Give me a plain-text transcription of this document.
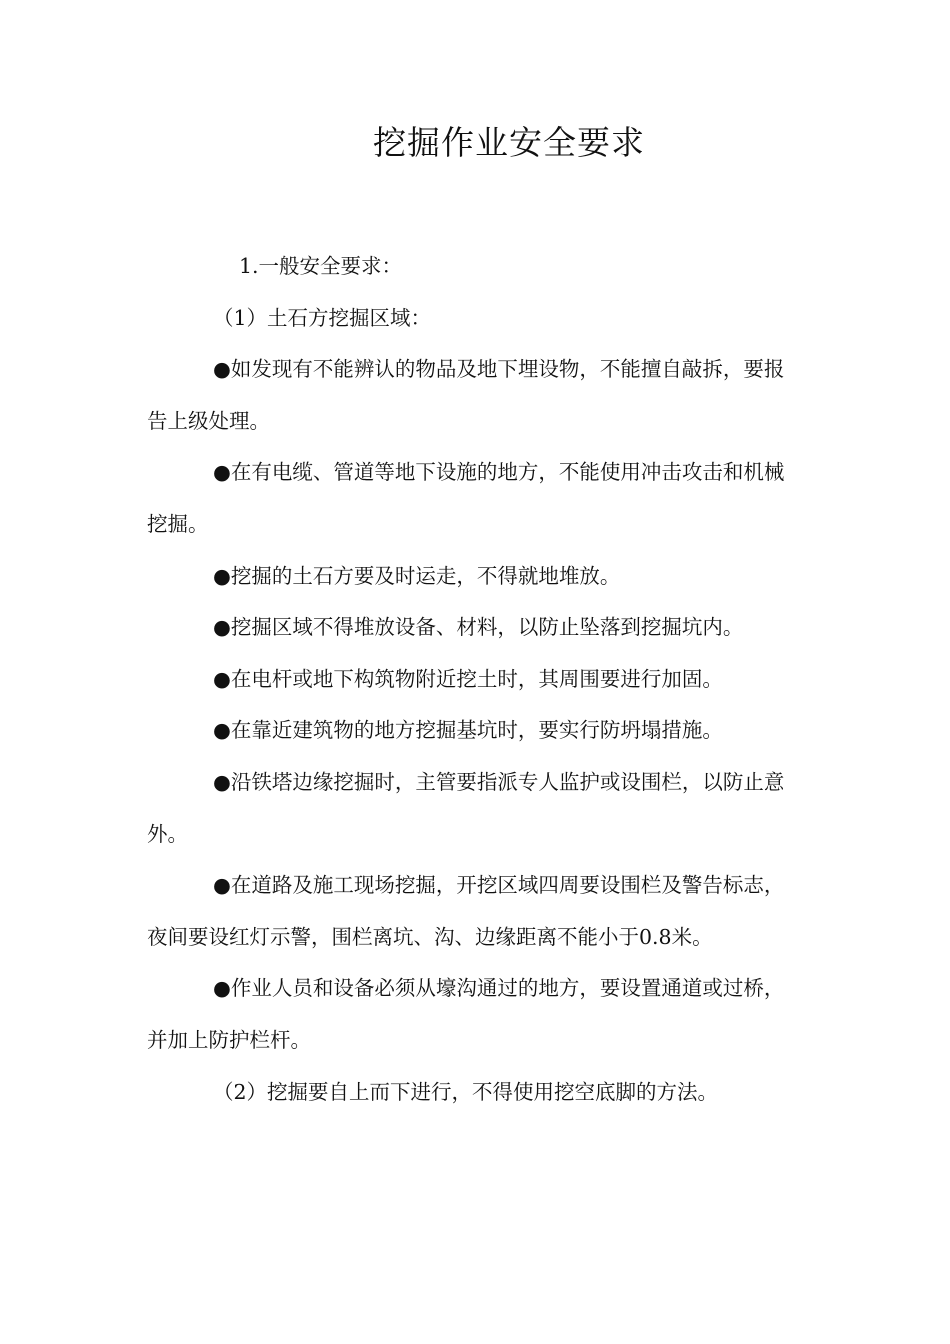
挖掘作业安全要求

1.一般安全要求：

（1）土石方挖掘区域：

●如发现有不能辨认的物品及地下埋设物，不能擅自敲拆，要报告上级处理。

●在有电缆、管道等地下设施的地方，不能使用冲击攻击和机械挖掘。

●挖掘的土石方要及时运走，不得就地堆放。

●挖掘区域不得堆放设备、材料，以防止坠落到挖掘坑内。

●在电杆或地下构筑物附近挖土时，其周围要进行加固。

●在靠近建筑物的地方挖掘基坑时，要实行防坍塌措施。

●沿铁塔边缘挖掘时，主管要指派专人监护或设围栏，以防止意外。

●在道路及施工现场挖掘，开挖区域四周要设围栏及警告标志，夜间要设红灯示警，围栏离坑、沟、边缘距离不能小于0.8米。

●作业人员和设备必须从壕沟通过的地方，要设置通道或过桥，并加上防护栏杆。

（2）挖掘要自上而下进行，不得使用挖空底脚的方法。
